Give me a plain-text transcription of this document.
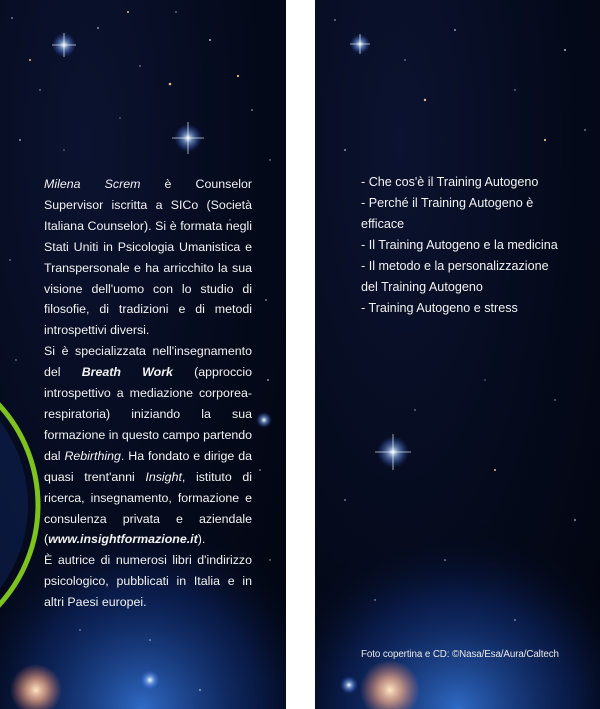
Milena Screm è Counselor Supervisor iscritta a SICo (Società Italiana Counselor). Si è formata negli Stati Uniti in Psicologia Umanistica e Transpersonale e ha arricchito la sua visione dell'uomo con lo studio di filosofie, di tradizioni e di metodi introspettivi diversi.

Si è specializzata nell'insegnamento del Breath Work (approccio introspettivo a mediazione corporea-respiratoria) iniziando la sua formazione in questo campo partendo dal Rebirthing. Ha fondato e dirige da quasi trent'anni Insight, istituto di ricerca, insegnamento, formazione e consulenza privata e aziendale (www.insightformazione.it).

È autrice di numerosi libri d'indirizzo psicologico, pubblicati in Italia e in altri Paesi europei.

- Che cos'è il Training Autogeno
- Perché il Training Autogeno è efficace
- Il Training Autogeno e la medicina
- Il metodo e la personalizzazione del Training Autogeno
- Training Autogeno e stress
Foto copertina e CD: ©Nasa/Esa/Aura/Caltech
